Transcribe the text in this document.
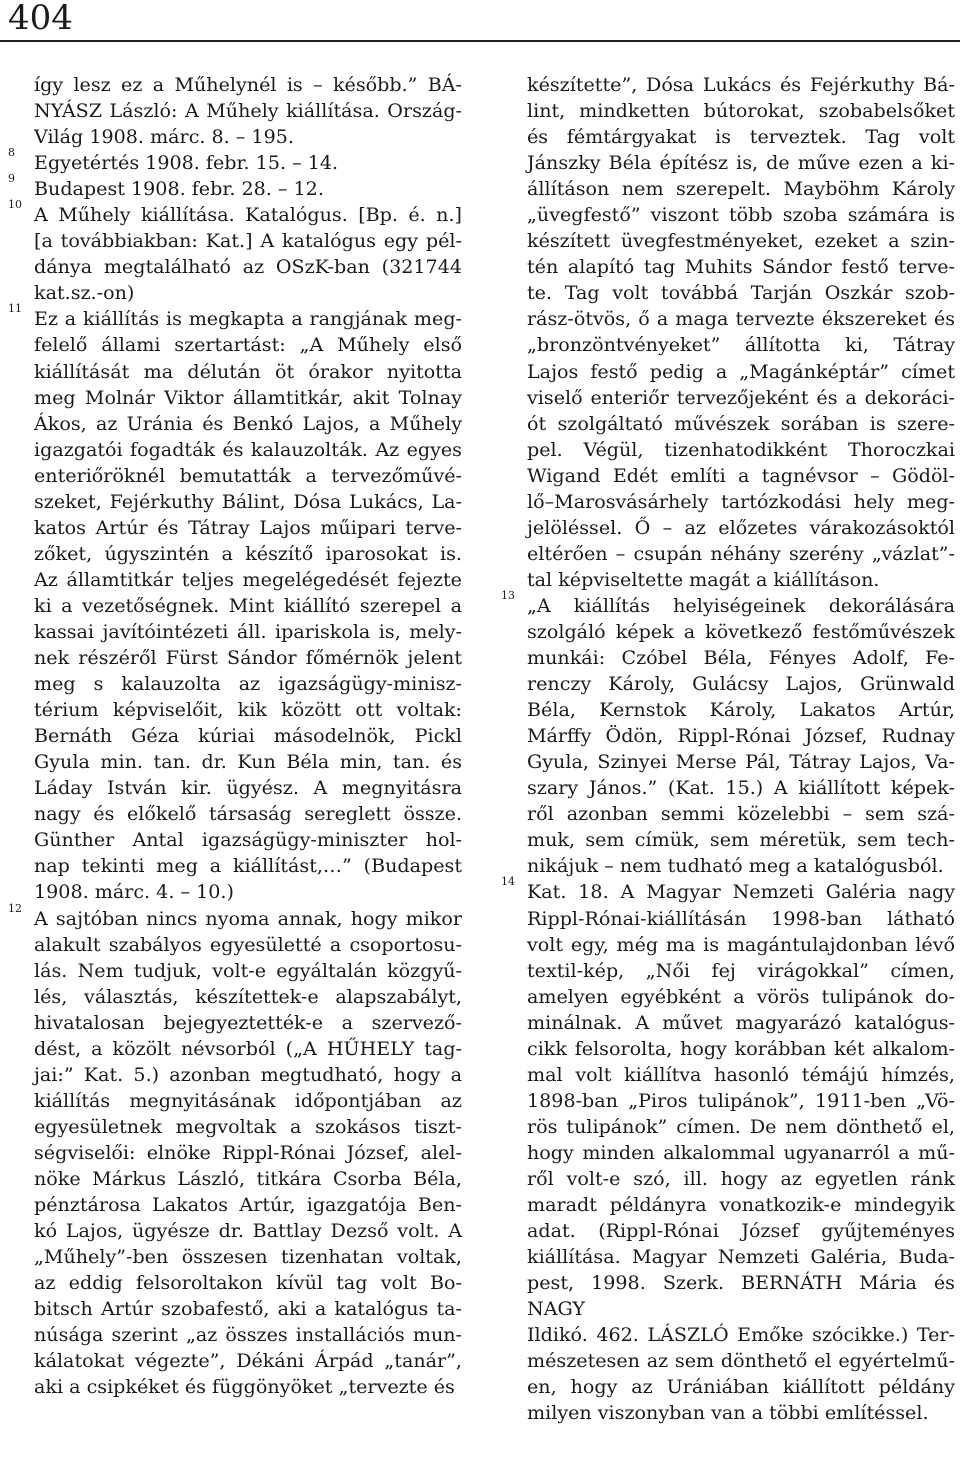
404
így lesz ez a Műhelynél is – később.” BÁ-
NYÁSZ László: A Műhely kiállítása. Ország-
Világ 1908. márc. 8. – 195.
8 Egyetértés 1908. febr. 15. – 14.
9 Budapest 1908. febr. 28. – 12.
10 A Műhely kiállítása. Katalógus. [Bp. é. n.]
[a továbbiakban: Kat.] A katalógus egy pél-
dánya megtalálható az OSzK-ban (321744
kat.sz.-on)
11 Ez a kiállítás is megkapta a rangjának meg-
felelő állami szertartást: „A Műhely első
kiállítását ma délután öt órakor nyitotta
meg Molnár Viktor államtitkár, akit Tolnay
Ákos, az Uránia és Benkó Lajos, a Műhely
igazgatói fogadták és kalauzolták. Az egyes
enteriőröknél bemutatták a tervezőművé-
szeket, Fejérkuthy Bálint, Dósa Lukács, La-
katos Artúr és Tátray Lajos műipari terve-
zőket, úgyszintén a készítő iparosokat is.
Az államtitkár teljes megelégedését fejezte
ki a vezetőségnek. Mint kiállító szerepel a
kassai javítóintézeti áll. ipariskola is, mely-
nek részéről Fürst Sándor főmérnök jelent
meg s kalauzolta az igazságügy-minisz-
térium képviselőit, kik között ott voltak:
Bernáth Géza kúriai másodelnök, Pickl
Gyula min. tan. dr. Kun Béla min, tan. és
Láday István kir. ügyész. A megnyitásra
nagy és előkelő társaság sereglett össze.
Günther Antal igazságügy-miniszter hol-
nap tekinti meg a kiállítást,…” (Budapest
1908. márc. 4. – 10.)
12 A sajtóban nincs nyoma annak, hogy mikor
alakult szabályos egyesületté a csoportosu-
lás. Nem tudjuk, volt-e egyáltalán közgyű-
lés, választás, készítettek-e alapszabályt,
hivatalosan bejegyeztették-e a szervező-
dést, a közölt névsorból („A HŰHELY tag-
jai:” Kat. 5.) azonban megtudható, hogy a
kiállítás megnyitásának időpontjában az
egyesületnek megvoltak a szokásos tiszt-
ségviselői: elnöke Rippl-Rónai József, alel-
nöke Márkus László, titkára Csorba Béla,
pénztárosa Lakatos Artúr, igazgatója Ben-
kó Lajos, ügyésze dr. Battlay Dezső volt. A
„Műhely”-ben összesen tizenhatan voltak,
az eddig felsoroltakon kívül tag volt Bo-
bitsch Artúr szobafestő, aki a katalógus ta-
núsága szerint „az összes installációs mun-
kálatokat végezte”, Dékáni Árpád „tanár”,
aki a csipkéket és függönyöket „tervezte és
készítette”, Dósa Lukács és Fejérkuthy Bá-
lint, mindketten bútorokat, szobabelsőket
és fémtárgyakat is terveztek. Tag volt
Jánszky Béla építész is, de műve ezen a ki-
állításon nem szerepelt. Mayböhm Károly
„üvegfestő” viszont több szoba számára is
készített üvegfestményeket, ezeket a szin-
tén alapító tag Muhits Sándor festő terve-
te. Tag volt továbbá Tarján Oszkár szob-
rász-ötvös, ő a maga tervezte ékszereket és
„bronzöntvényeket” állította ki, Tátray
Lajos festő pedig a „Magánképtár” címet
viselő enteriőr tervezőjeként és a dekoráci-
ót szolgáltató művészek sorában is szere-
pel. Végül, tizenhatodikként Thoroczkai
Wigand Edét említi a tagnévsor – Gödöl-
lő–Marosvásárhely tartózkodási hely meg-
jelöléssel. Ő – az előzetes várakozásoktól
eltérően – csupán néhány szerény „vázlat”-
tal képviseltette magát a kiállításon.
13 „A kiállítás helyiségeinek dekorálására
szolgáló képek a következő festőművészek
munkái: Czóbel Béla, Fényes Adolf, Fe-
renczy Károly, Gulácsy Lajos, Grünwald
Béla, Kernstok Károly, Lakatos Artúr,
Márffy Ödön, Rippl-Rónai József, Rudnay
Gyula, Szinyei Merse Pál, Tátray Lajos, Va-
szary János.” (Kat. 15.) A kiállított képek-
ről azonban semmi közelebbi – sem szá-
muk, sem címük, sem méretük, sem tech-
nikájuk – nem tudható meg a katalógusból.
14 Kat. 18. A Magyar Nemzeti Galéria nagy
Rippl-Rónai-kiállításán 1998-ban látható
volt egy, még ma is magántulajdonban lévő
textil-kép, „Női fej virágokkal” címen,
amelyen egyébként a vörös tulipánok do-
minálnak. A művet magyarázó katalógus-
cikk felsorolta, hogy korábban két alkalom-
mal volt kiállítva hasonló témájú hímzés,
1898-ban „Piros tulipánok”, 1911-ben „Vö-
rös tulipánok” címen. De nem dönthető el,
hogy minden alkalommal ugyanarról a mű-
ről volt-e szó, ill. hogy az egyetlen ránk
maradt példányra vonatkozik-e mindegyik
adat. (Rippl-Rónai József gyűjteményes
kiállítása. Magyar Nemzeti Galéria, Buda-
pest, 1998. Szerk. BERNÁTH Mária és NAGY
Ildikó. 462. LÁSZLÓ Emőke szócikke.) Ter-
mészetesen az sem dönthető el egyértelmű-
en, hogy az Urániában kiállított példány
milyen viszonyban van a többi említéssel.
